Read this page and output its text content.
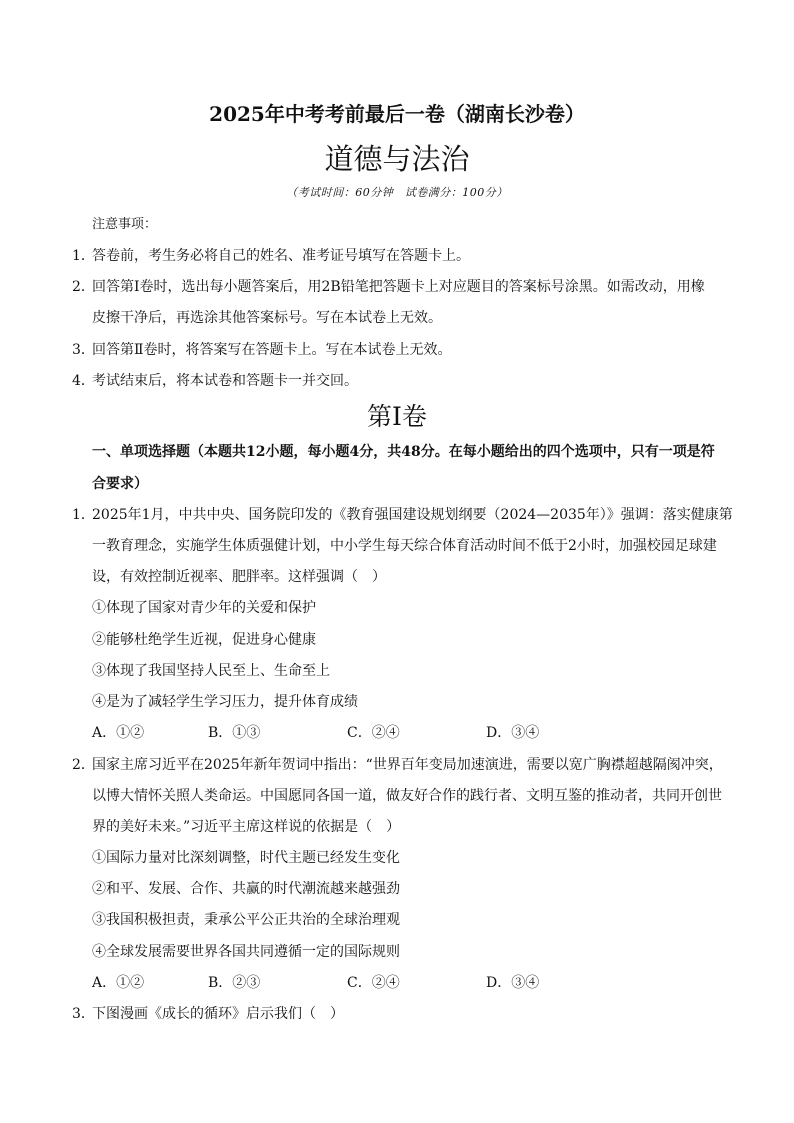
2025年中考考前最后一卷（湖南长沙卷）
道德与法治
（考试时间：60分钟　试卷满分：100分）
注意事项：
1．
答卷前，考生务必将自己的姓名、准考证号填写在答题卡上。
2．
回答第Ⅰ卷时，选出每小题答案后，用2B铅笔把答题卡上对应题目的答案标号涂黑。如需改动，用橡
皮擦干净后，再选涂其他答案标号。写在本试卷上无效。
3．
回答第Ⅱ卷时，将答案写在答题卡上。写在本试卷上无效。
4．
考试结束后，将本试卷和答题卡一并交回。
第Ⅰ卷
一、单项选择题（本题共12小题，每小题4分，共48分。在每小题给出的四个选项中，只有一项是符
合要求）
1．
2025年1月，中共中央、国务院印发的《教育强国建设规划纲要（2024—2035年）》强调：落实健康第
一教育理念，实施学生体质强健计划，中小学生每天综合体育活动时间不低于2小时，加强校园足球建
设，有效控制近视率、肥胖率。这样强调（　）
①体现了国家对青少年的关爱和保护
②能够杜绝学生近视，促进身心健康
③体现了我国坚持人民至上、生命至上
④是为了减轻学生学习压力，提升体育成绩
A．①②	B．①③	C．②④	D．③④
2．
国家主席习近平在2025年新年贺词中指出：“世界百年变局加速演进，需要以宽广胸襟超越隔阂冲突，
以博大情怀关照人类命运。中国愿同各国一道，做友好合作的践行者、文明互鉴的推动者，共同开创世
界的美好未来。”习近平主席这样说的依据是（　）
①国际力量对比深刻调整，时代主题已经发生变化
②和平、发展、合作、共赢的时代潮流越来越强劲
③我国积极担责，秉承公平公正共治的全球治理观
④全球发展需要世界各国共同遵循一定的国际规则
A．①②	B．②③	C．②④	D．③④
3．
下图漫画《成长的循环》启示我们（　）
